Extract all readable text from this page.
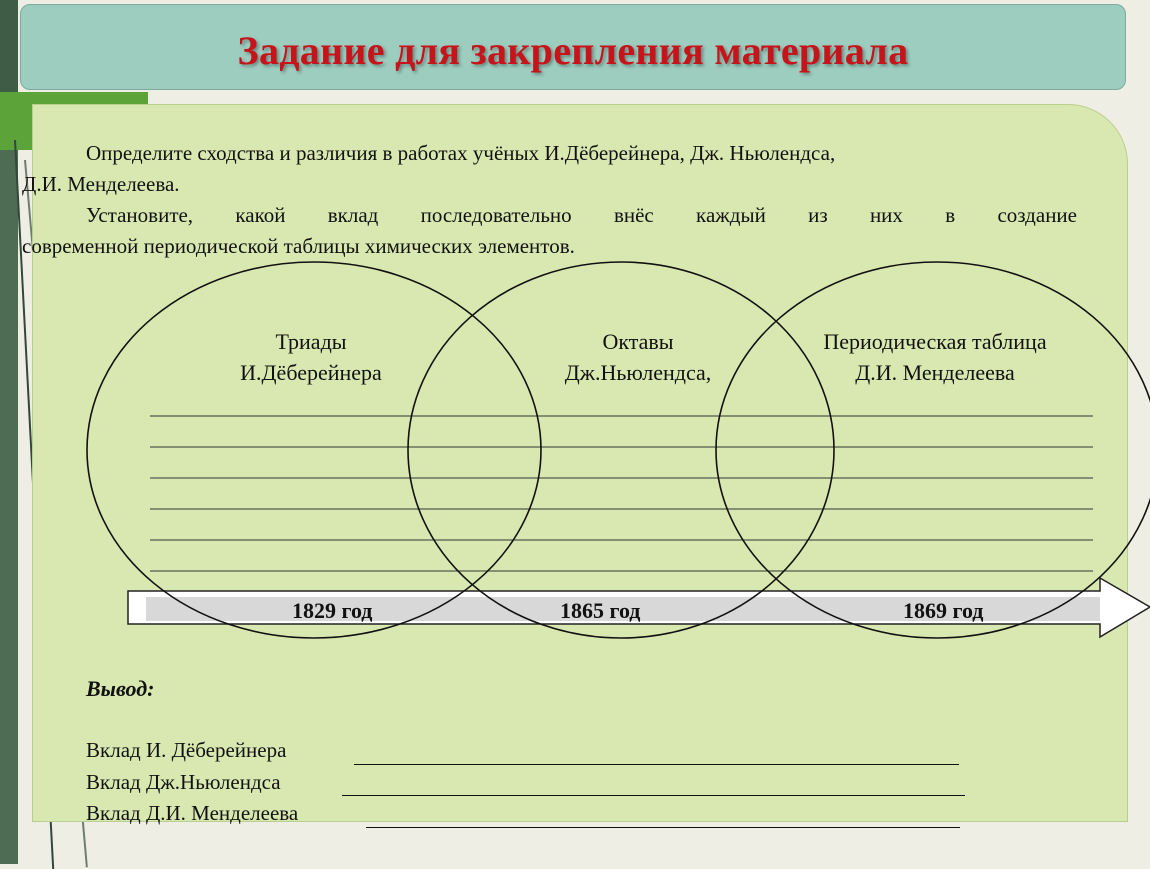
Задание для закрепления материала
Определите сходства и различия в работах учёных И.Дёберейнера, Дж. Ньюлендса,
Д.И. Менделеева.
Установите, какой вклад последовательно внёс каждый из них в создание
современной периодической таблицы химических элементов.
Триады
И.Дёберейнера
Октавы
Дж.Ньюлендса,
Периодическая таблица
Д.И. Менделеева
1829 год	1865 год	1869 год
Вывод:
Вклад И. Дёберейнера
Вклад Дж.Ньюлендса
Вклад Д.И. Менделеева
